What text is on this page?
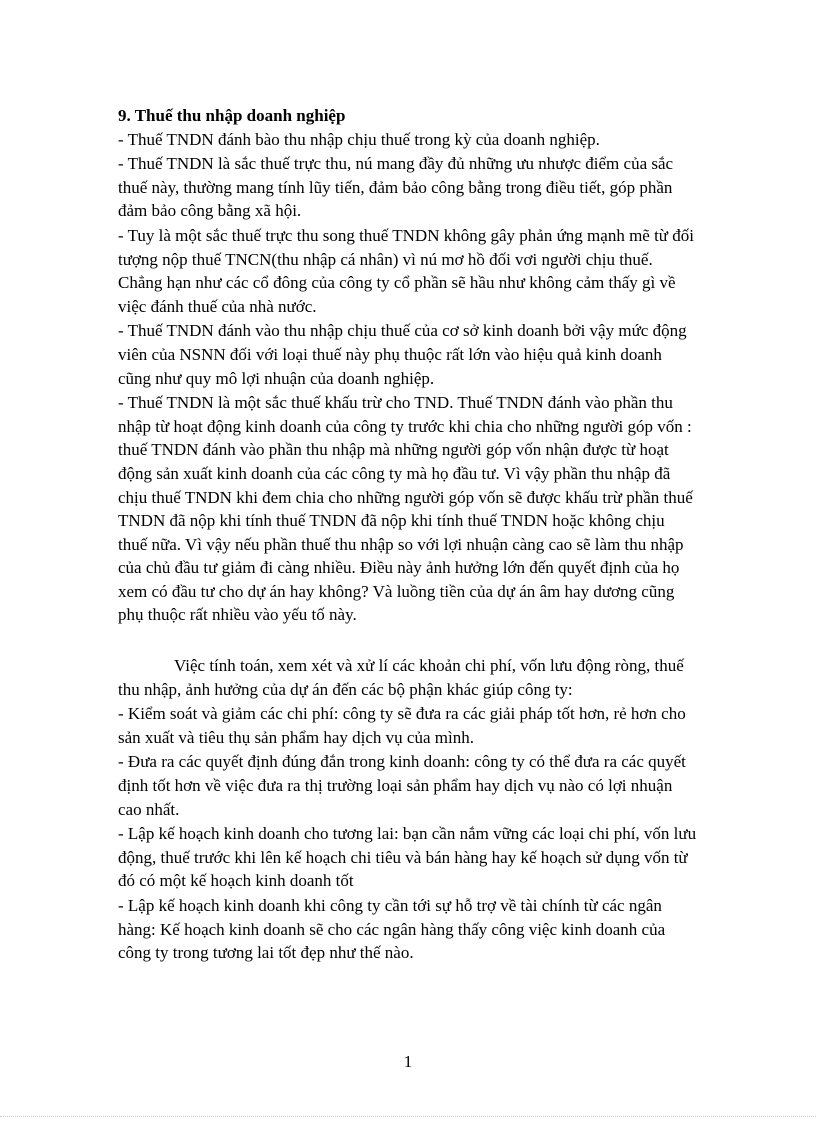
9. Thuế thu nhập doanh nghiệp

- Thuế TNDN đánh bào thu nhập chịu thuế trong kỳ của doanh nghiệp.

- Thuế TNDN là sắc thuế trực thu, nú mang đầy đủ những ưu nhược điểm của sắc thuế này, thường mang tính lũy tiến, đảm bảo công bằng trong điều tiết, góp phần đảm bảo công bằng xã hội.

- Tuy là một sắc thuế trực thu song thuế TNDN không gây phản ứng mạnh mẽ từ đối tượng nộp thuế TNCN(thu nhập cá nhân) vì nú mơ hồ đối vơi người chịu thuế. Chẳng hạn như các cổ đông của công ty cổ phần sẽ hầu như không cảm thấy gì về việc đánh thuế của nhà nước.

- Thuế TNDN đánh vào thu nhập chịu thuế của cơ sở kinh doanh bởi vậy mức động viên của NSNN đối với loại thuế này phụ thuộc rất lớn vào hiệu quả kinh doanh cũng như quy mô lợi nhuận của doanh nghiệp.

- Thuế TNDN là một sắc thuế khấu trừ cho TND. Thuế TNDN đánh vào phần thu nhập từ hoạt động kinh doanh của công ty trước khi chia cho những người góp vốn : thuế TNDN đánh vào phần thu nhập mà những người góp vốn nhận được từ hoạt động sản xuất kinh doanh của các công ty mà họ đầu tư. Vì vậy phần thu nhập đã chịu thuế TNDN khi đem chia cho những người góp vốn sẽ được khấu trừ phần thuế TNDN đã nộp khi tính thuế TNDN đã nộp khi tính thuế TNDN hoặc không chịu thuế nữa. Vì vậy nếu phần thuế thu nhập so với lợi nhuận càng cao sẽ làm thu nhập của chủ đầu tư giảm đi càng nhiều. Điều này ảnh hưởng lớn đến quyết định của họ xem có đầu tư cho dự án hay không? Và luồng tiền của dự án âm hay dương cũng phụ thuộc rất nhiều vào yếu tố này.

Việc tính toán, xem xét và xử lí các khoản chi phí, vốn lưu động ròng, thuế thu nhập, ảnh hưởng của dự án đến các bộ phận khác giúp công ty:

- Kiểm soát và giảm các chi phí: công ty sẽ đưa ra các giải pháp tốt hơn, rẻ hơn cho sản xuất và tiêu thụ sản phẩm hay dịch vụ của mình.

- Đưa ra các quyết định đúng đắn trong kinh doanh: công ty có thể đưa ra các quyết định tốt hơn về việc đưa ra thị trường loại sản phẩm hay dịch vụ nào có lợi nhuận cao nhất.

- Lập kế hoạch kinh doanh cho tương lai: bạn cần nắm vững các loại chi phí, vốn lưu động, thuế trước khi lên kế hoạch chi tiêu và bán hàng hay kế hoạch sử dụng vốn từ đó có một kế hoạch kinh doanh tốt

- Lập kế hoạch kinh doanh khi công ty cần tới sự hỗ trợ về tài chính từ các ngân hàng: Kế hoạch kinh doanh sẽ cho các ngân hàng thấy công việc kinh doanh của công ty trong tương lai tốt đẹp như thế nào.

1
